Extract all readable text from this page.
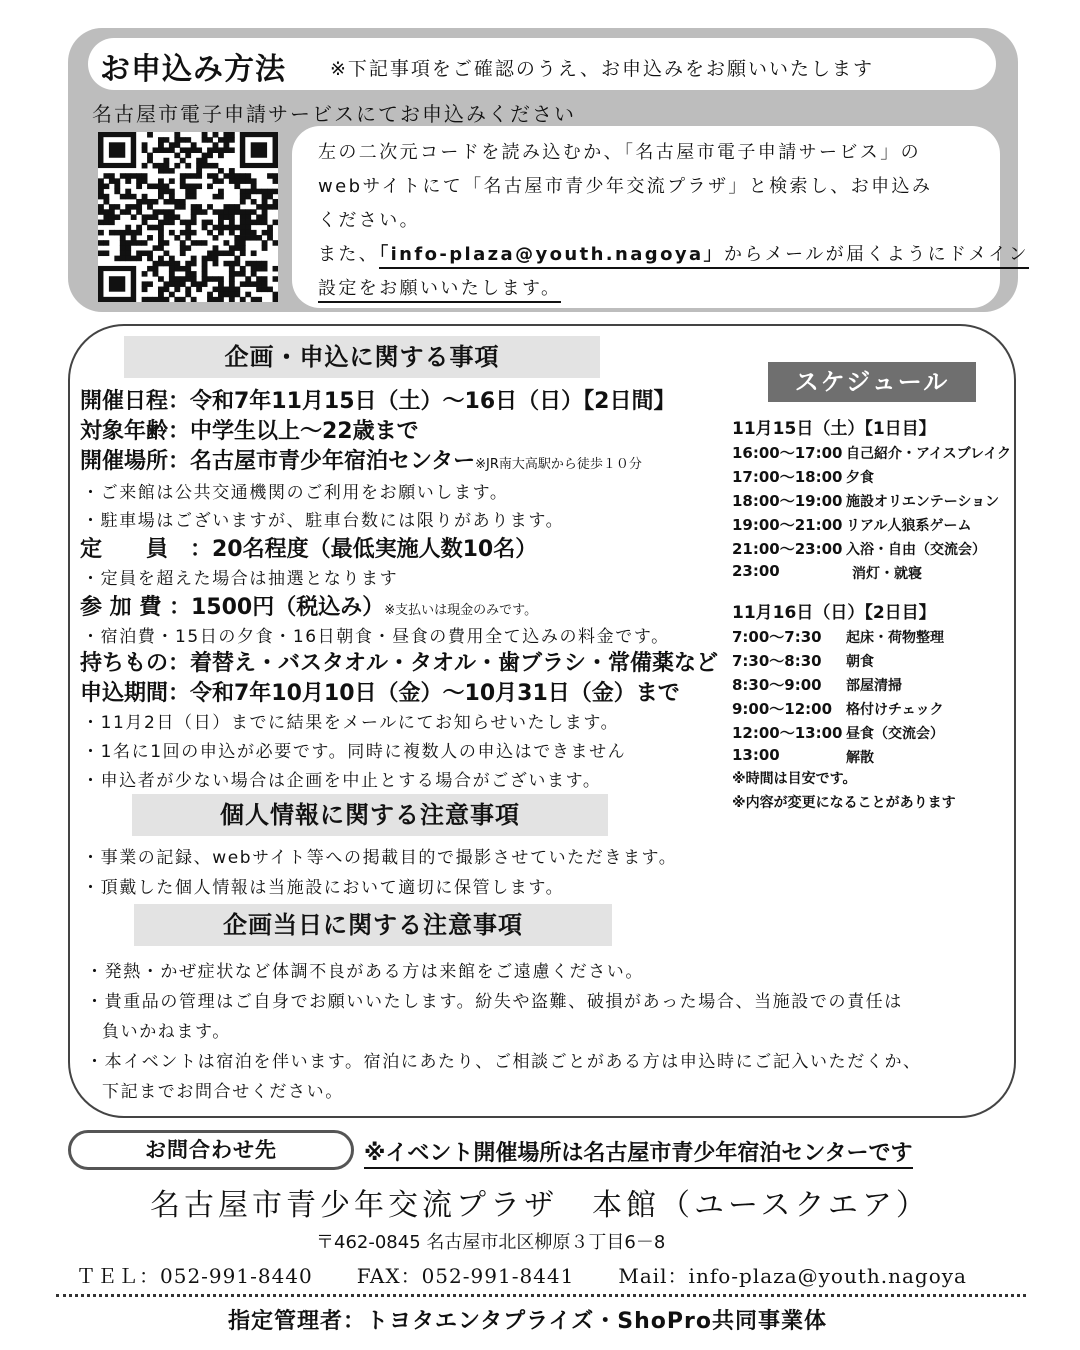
お申込み方法 ※下記事項をご確認のうえ、お申込みをお願いいたします
名古屋市電子申請サービスにてお申込みください
左の二次元コードを読み込むか、「名古屋市電子申請サービス」の
webサイトにて「名古屋市青少年交流プラザ」と検索し、お申込み
ください。
また、「info-plaza@youth.nagoya」からメールが届くようにドメイン
設定をお願いいたします。
企画・申込に関する事項
開催日程：令和7年11月15日（土）～16日（日）【2日間】
対象年齢：中学生以上～22歳まで
開催場所：名古屋市青少年宿泊センター※JR南大高駅から徒歩１０分
・ご来館は公共交通機関のご利用をお願いします。
・駐車場はございますが、駐車台数には限りがあります。
定　　員　：20名程度（最低実施人数10名）
・定員を超えた場合は抽選となります
参 加 費 ：1500円（税込み）※支払いは現金のみです。
・宿泊費・15日の夕食・16日朝食・昼食の費用全て込みの料金です。
持ちもの：着替え・バスタオル・タオル・歯ブラシ・常備薬など
申込期間：令和7年10月10日（金）～10月31日（金）まで
・11月2日（日）までに結果をメールにてお知らせいたします。
・1名に1回の申込が必要です。同時に複数人の申込はできません
・申込者が少ない場合は企画を中止とする場合がございます。
個人情報に関する注意事項
・事業の記録、webサイト等への掲載目的で撮影させていただきます。
・頂戴した個人情報は当施設において適切に保管します。
企画当日に関する注意事項
・発熱・かぜ症状など体調不良がある方は来館をご遠慮ください。
・貴重品の管理はご自身でお願いいたします。紛失や盗難、破損があった場合、当施設での責任は
負いかねます。
・本イベントは宿泊を伴います。宿泊にあたり、ご相談ごとがある方は申込時にご記入いただくか、
下記までお問合せください。
スケジュール
11月15日（土）【1日目】
16:00～17:00 自己紹介・アイスブレイク
17:00～18:00 夕食
18:00～19:00 施設オリエンテーション
19:00～21:00 リアル人狼系ゲーム
21:00～23:00 入浴・自由（交流会）
23:00	消灯・就寝
11月16日（日）【2日目】
7:00～7:30 起床・荷物整理
7:30～8:30 朝食
8:30～9:00 部屋清掃
9:00～12:00 格付けチェック
12:00～13:00 昼食（交流会）
13:00	解散
※時間は目安です。
※内容が変更になることがあります
お問合わせ先	※イベント開催場所は名古屋市青少年宿泊センターです
名古屋市青少年交流プラザ　本館（ユースクエア）
〒462-0845 名古屋市北区柳原３丁目6－8
ＴＥＬ：052-991-8440 FAX：052-991-8441 Mail：info-plaza@youth.nagoya
指定管理者：トヨタエンタプライズ・ShoPro共同事業体
